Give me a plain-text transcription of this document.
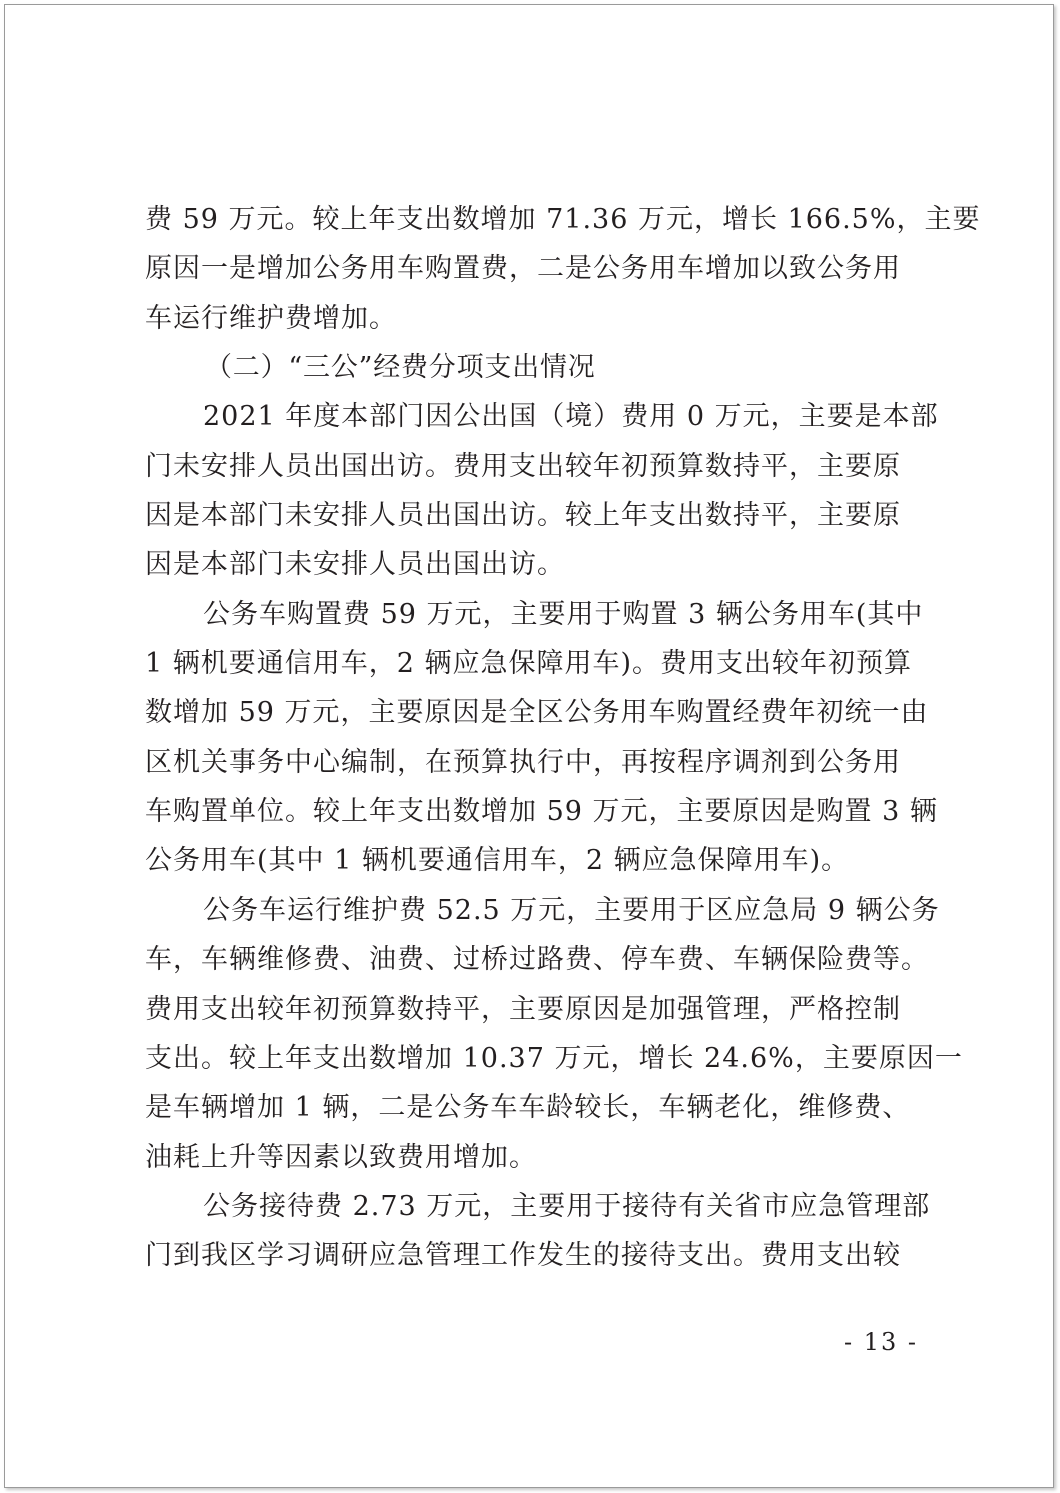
费 59 万元。较上年支出数增加 71.36 万元，增长 166.5%，主要
原因一是增加公务用车购置费，二是公务用车增加以致公务用
车运行维护费增加。
（二）“三公”经费分项支出情况
2021 年度本部门因公出国（境）费用 0 万元，主要是本部
门未安排人员出国出访。费用支出较年初预算数持平，主要原
因是本部门未安排人员出国出访。较上年支出数持平，主要原
因是本部门未安排人员出国出访。
公务车购置费 59 万元，主要用于购置 3 辆公务用车(其中
1 辆机要通信用车，2 辆应急保障用车)。费用支出较年初预算
数增加 59 万元，主要原因是全区公务用车购置经费年初统一由
区机关事务中心编制，在预算执行中，再按程序调剂到公务用
车购置单位。较上年支出数增加 59 万元，主要原因是购置 3 辆
公务用车(其中 1 辆机要通信用车，2 辆应急保障用车)。
公务车运行维护费 52.5 万元，主要用于区应急局 9 辆公务
车，车辆维修费、油费、过桥过路费、停车费、车辆保险费等。
费用支出较年初预算数持平，主要原因是加强管理，严格控制
支出。较上年支出数增加 10.37 万元，增长 24.6%，主要原因一
是车辆增加 1 辆，二是公务车车龄较长，车辆老化，维修费、
油耗上升等因素以致费用增加。
公务接待费 2.73 万元，主要用于接待有关省市应急管理部
门到我区学习调研应急管理工作发生的接待支出。费用支出较
- 13 -
